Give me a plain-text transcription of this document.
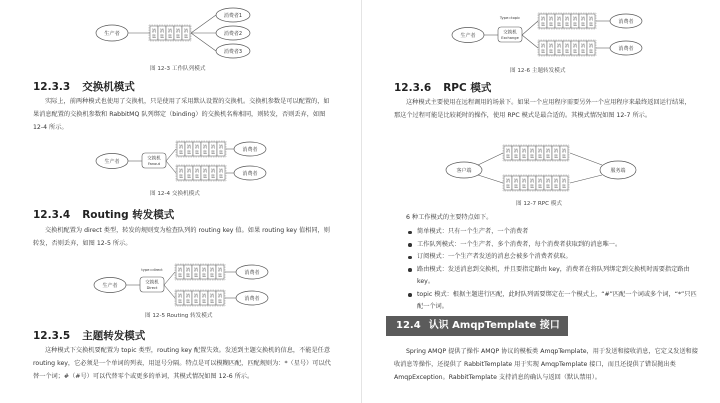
生产者
消
息
消
息
消
息
消
息
消
息
消费者1
消费者2
消费者3
图 12-3 工作队列模式
12.3.3 交换机模式
实际上，前两种模式也使用了交换机，只是使用了采用默认设置的交换机。交换机参数是可以配置的，如果消息配置的交换机参数和 RabbitMQ 队列绑定（binding）的交换机名称相同，则转发，否则丢弃，如图 12-4 所示。
生产者	交换机
Fanout
消
息
消
息
消
息
消
息
消
息
消
息
消
息
消
息
消
息
消
息
消
息
消
息
消费者
消费者
图 12-4 交换机模式
12.3.4 Routing 转发模式
交换机配置为 direct 类型，转发的规则变为检查队列的 routing key 值。如果 routing key 值相同，则转发，否则丢弃，如图 12-5 所示。
生产者
type=direct
交换机
Direct
消
息
消
息
消
息
消
息
消
息
消
息
消
息
消
息
消
息
消
息
消
息
消
息
消费者
消费者
图 12-5 Routing 转发模式
12.3.5 主题转发模式
这种模式下交换机要配置为 topic 类型，routing key 配置失效。发送到主题交换机的信息，不能是任意 routing key，它必须是一个单词的列表，用逗号分隔。特点是可以模糊匹配，匹配规则为：*（星号）可以代替一个词；#（#号）可以代替零个或更多的单词，其模式情况如图 12-6 所示。
生产者
Type=topic
交换机
Exchange
消
息
消
息
消
息
消
息
消
息
消
息
消
息
消
息
消
息
消
息
消
息
消
息
消
息
消
息
消费者
消费者
图 12-6 主题转发模式
12.3.6 RPC 模式
这种模式主要使用在远程调用的场景下。如果一个应用程序需要另外一个应用程序来最终返回运行结果，那这个过程可能是比较耗时的操作，使用 RPC 模式是最合适的。其模式情况如图 12-7 所示。
客户端	服务端
消
息
消
息
消
息
消
息
消
息
消
息
消
息
消
息
消
息
消
息
消
息
消
息
消
息
消
息
消
息
消
息
图 12-7 RPC 模式
6 种工作模式的主要特点如下。
简单模式：只有一个生产者，一个消费者
工作队列模式：一个生产者、多个消费者，每个消费者获取到的消息唯一。
订阅模式：一个生产者发送的消息会被多个消费者获取。
路由模式：发送消息到交换机，并且要指定路由 key，消费者在将队列绑定到交换机时需要指定路由 key。
topic 模式：根据主题进行匹配，此时队列需要绑定在一个模式上，“#”匹配一个词或多个词，“*”只匹配一个词。
12.4 认识 AmqpTemplate 接口
Spring AMQP 提供了操作 AMQP 协议的模板类 AmqpTemplate，用于发送和接收消息，它定义发送和接收消息等操作，还提供了 RabbitTemplate 用于实现 AmqpTemplate 接口，而且还提供了错误抛出类 AmqpException。RabbitTemplate 支持消息的确认与返回（默认禁用）。
